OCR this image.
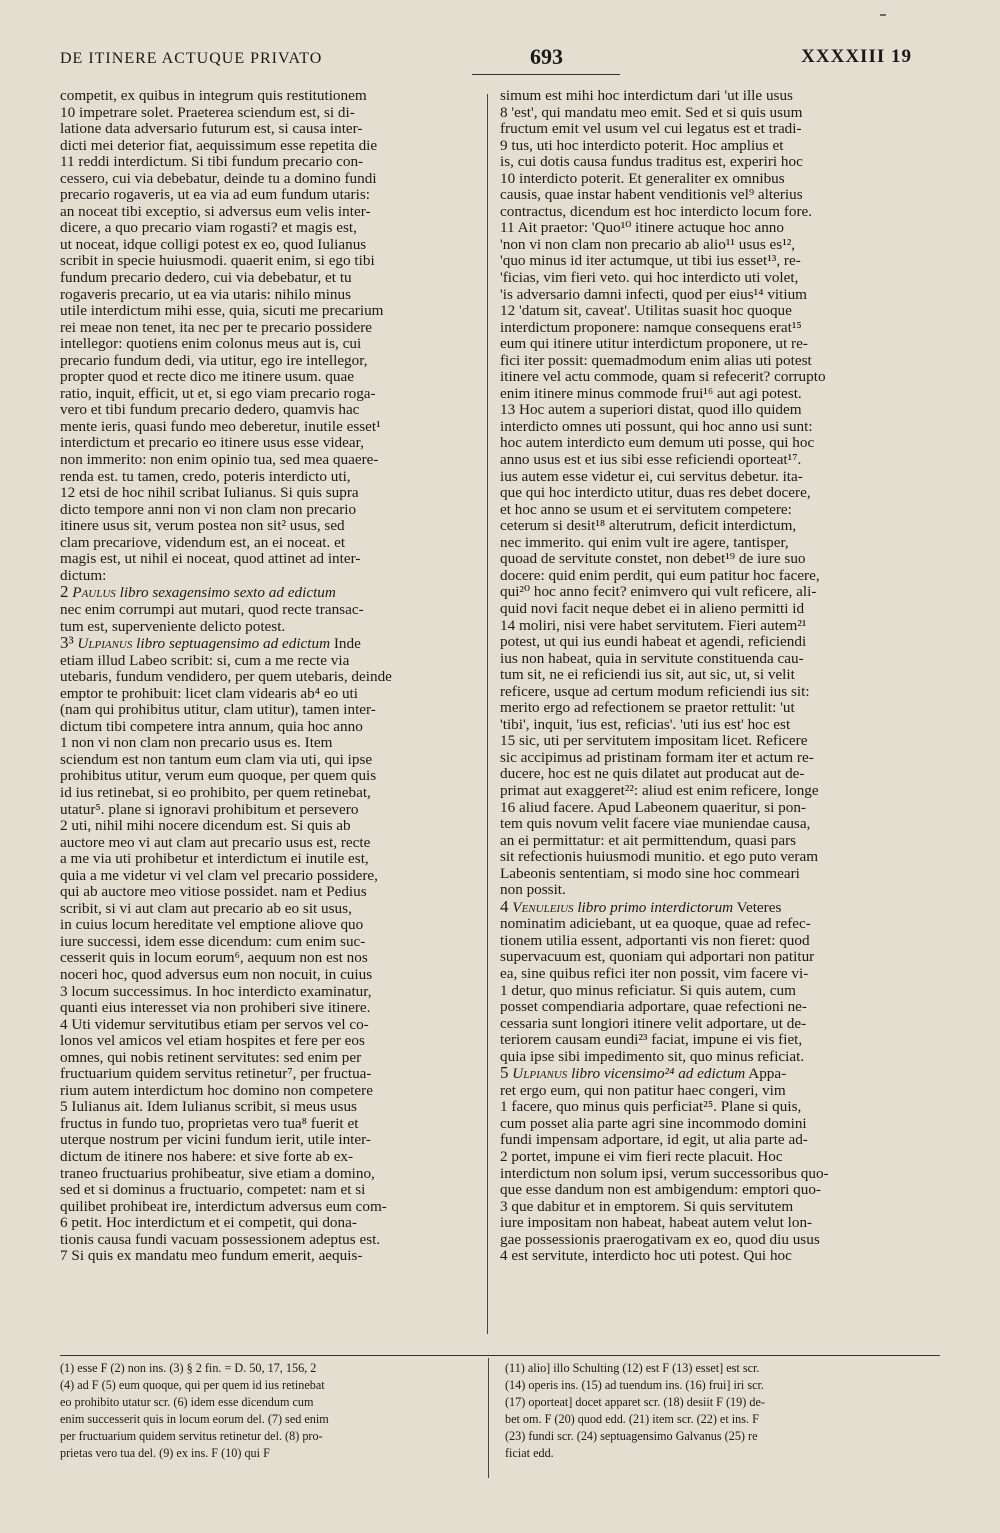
DE ITINERE ACTUQUE PRIVATO	693	XXXXIII 19
competit, ex quibus in integrum quis restitutionem
10 impetrare solet. Praeterea sciendum est, si di-
latione data adversario futurum est, si causa inter-
dicti mei deterior fiat, aequissimum esse repetita die
11 reddi interdictum. Si tibi fundum precario con-
cessero, cui via debebatur, deinde tu a domino fundi
precario rogaveris, ut ea via ad eum fundum utaris:
an noceat tibi exceptio, si adversus eum velis inter-
dicere, a quo precario viam rogasti? et magis est,
ut noceat, idque colligi potest ex eo, quod Iulianus
scribit in specie huiusmodi. quaerit enim, si ego tibi
fundum precario dedero, cui via debebatur, et tu
rogaveris precario, ut ea via utaris: nihilo minus
utile interdictum mihi esse, quia, sicuti me precarium
rei meae non tenet, ita nec per te precario possidere
intellegor: quotiens enim colonus meus aut is, cui
precario fundum dedi, via utitur, ego ire intellegor,
propter quod et recte dico me itinere usum. quae
ratio, inquit, efficit, ut et, si ego viam precario roga-
vero et tibi fundum precario dedero, quamvis hac
mente ieris, quasi fundo meo deberetur, inutile esset¹
interdictum et precario eo itinere usus esse videar,
non immerito: non enim opinio tua, sed mea quaere-
renda est. tu tamen, credo, poteris interdicto uti,
12 etsi de hoc nihil scribat Iulianus. Si quis supra
dicto tempore anni non vi non clam non precario
itinere usus sit, verum postea non sit² usus, sed
clam precariove, videndum est, an ei noceat. et
magis est, ut nihil ei noceat, quod attinet ad inter-
dictum:
2 Paulus libro sexagensimo sexto ad edictum
nec enim corrumpi aut mutari, quod recte transac-
tum est, superveniente delicto potest.
3³ Ulpianus libro septuagensimo ad edictum Inde
etiam illud Labeo scribit: si, cum a me recte via
utebaris, fundum vendidero, per quem utebaris, deinde
emptor te prohibuit: licet clam videaris ab⁴ eo uti
(nam qui prohibitus utitur, clam utitur), tamen inter-
dictum tibi competere intra annum, quia hoc anno
1 non vi non clam non precario usus es. Item
sciendum est non tantum eum clam via uti, qui ipse
prohibitus utitur, verum eum quoque, per quem quis
id ius retinebat, si eo prohibito, per quem retinebat,
utatur⁵. plane si ignoravi prohibitum et persevero
2 uti, nihil mihi nocere dicendum est. Si quis ab
auctore meo vi aut clam aut precario usus est, recte
a me via uti prohibetur et interdictum ei inutile est,
quia a me videtur vi vel clam vel precario possidere,
qui ab auctore meo vitiose possidet. nam et Pedius
scribit, si vi aut clam aut precario ab eo sit usus,
in cuius locum hereditate vel emptione aliove quo
iure successi, idem esse dicendum: cum enim suc-
cesserit quis in locum eorum⁶, aequum non est nos
noceri hoc, quod adversus eum non nocuit, in cuius
3 locum successimus. In hoc interdicto examinatur,
quanti eius interesset via non prohiberi sive itinere.
4 Uti videmur servitutibus etiam per servos vel co-
lonos vel amicos vel etiam hospites et fere per eos
omnes, qui nobis retinent servitutes: sed enim per
fructuarium quidem servitus retinetur⁷, per fructua-
rium autem interdictum hoc domino non competere
5 Iulianus ait. Idem Iulianus scribit, si meus usus
fructus in fundo tuo, proprietas vero tua⁸ fuerit et
uterque nostrum per vicini fundum ierit, utile inter-
dictum de itinere nos habere: et sive forte ab ex-
traneo fructuarius prohibeatur, sive etiam a domino,
sed et si dominus a fructuario, competet: nam et si
quilibet prohibeat ire, interdictum adversus eum com-
6 petit. Hoc interdictum et ei competit, qui dona-
tionis causa fundi vacuam possessionem adeptus est.
7 Si quis ex mandatu meo fundum emerit, aequis-
simum est mihi hoc interdictum dari 'ut ille usus
8 'est', qui mandatu meo emit. Sed et si quis usum
fructum emit vel usum vel cui legatus est et tradi-
9 tus, uti hoc interdicto poterit. Hoc amplius et
is, cui dotis causa fundus traditus est, experiri hoc
10 interdicto poterit. Et generaliter ex omnibus
causis, quae instar habent venditionis vel⁹ alterius
contractus, dicendum est hoc interdicto locum fore.
11 Ait praetor: 'Quo¹⁰ itinere actuque hoc anno
'non vi non clam non precario ab alio¹¹ usus es¹²,
'quo minus id iter actumque, ut tibi ius esset¹³, re-
'ficias, vim fieri veto. qui hoc interdicto uti volet,
'is adversario damni infecti, quod per eius¹⁴ vitium
12 'datum sit, caveat'. Utilitas suasit hoc quoque
interdictum proponere: namque consequens erat¹⁵
eum qui itinere utitur interdictum proponere, ut re-
fici iter possit: quemadmodum enim alias uti potest
itinere vel actu commode, quam si refecerit? corrupto
enim itinere minus commode frui¹⁶ aut agi potest.
13 Hoc autem a superiori distat, quod illo quidem
interdicto omnes uti possunt, qui hoc anno usi sunt:
hoc autem interdicto eum demum uti posse, qui hoc
anno usus est et ius sibi esse reficiendi oporteat¹⁷.
ius autem esse videtur ei, cui servitus debetur. ita-
que qui hoc interdicto utitur, duas res debet docere,
et hoc anno se usum et ei servitutem competere:
ceterum si desit¹⁸ alterutrum, deficit interdictum,
nec immerito. qui enim vult ire agere, tantisper,
quoad de servitute constet, non debet¹⁹ de iure suo
docere: quid enim perdit, qui eum patitur hoc facere,
qui²⁰ hoc anno fecit? enimvero qui vult reficere, ali-
quid novi facit neque debet ei in alieno permitti id
14 moliri, nisi vere habet servitutem. Fieri autem²¹
potest, ut qui ius eundi habeat et agendi, reficiendi
ius non habeat, quia in servitute constituenda cau-
tum sit, ne ei reficiendi ius sit, aut sic, ut, si velit
reficere, usque ad certum modum reficiendi ius sit:
merito ergo ad refectionem se praetor rettulit: 'ut
'tibi', inquit, 'ius est, reficias'. 'uti ius est' hoc est
15 sic, uti per servitutem impositam licet. Reficere
sic accipimus ad pristinam formam iter et actum re-
ducere, hoc est ne quis dilatet aut producat aut de-
primat aut exaggeret²²: aliud est enim reficere, longe
16 aliud facere. Apud Labeonem quaeritur, si pon-
tem quis novum velit facere viae muniendae causa,
an ei permittatur: et ait permittendum, quasi pars
sit refectionis huiusmodi munitio. et ego puto veram
Labeonis sententiam, si modo sine hoc commeari
non possit.
4 Venuleius libro primo interdictorum Veteres
nominatim adiciebant, ut ea quoque, quae ad refec-
tionem utilia essent, adportanti vis non fieret: quod
supervacuum est, quoniam qui adportari non patitur
ea, sine quibus refici iter non possit, vim facere vi-
1 detur, quo minus reficiatur. Si quis autem, cum
posset compendiaria adportare, quae refectioni ne-
cessaria sunt longiori itinere velit adportare, ut de-
teriorem causam eundi²³ faciat, impune ei vis fiet,
quia ipse sibi impedimento sit, quo minus reficiat.
5 Ulpianus libro vicensimo²⁴ ad edictum Appa-
ret ergo eum, qui non patitur haec congeri, vim
1 facere, quo minus quis perficiat²⁵. Plane si quis,
cum posset alia parte agri sine incommodo domini
fundi impensam adportare, id egit, ut alia parte ad-
2 portet, impune ei vim fieri recte placuit. Hoc
interdictum non solum ipsi, verum successoribus quo-
que esse dandum non est ambigendum: emptori quo-
3 que dabitur et in emptorem. Si quis servitutem
iure impositam non habeat, habeat autem velut lon-
gae possessionis praerogativam ex eo, quod diu usus
4 est servitute, interdicto hoc uti potest. Qui hoc
(1) esse F (2) non ins. (3) § 2 fin. = D. 50, 17, 156, 2
(4) ad F (5) eum quoque, qui per quem id ius retinebat
eo prohibito utatur scr. (6) idem esse dicendum cum
enim successerit quis in locum eorum del. (7) sed enim
per fructuarium quidem servitus retinetur del. (8) pro-
prietas vero tua del. (9) ex ins. F (10) qui F
(11) alio] illo Schulting (12) est F (13) esset] est scr.
(14) operis ins. (15) ad tuendum ins. (16) frui] iri scr.
(17) oporteat] docet apparet scr. (18) desiit F (19) de-
bet om. F (20) quod edd. (21) item scr. (22) et ins. F
(23) fundi scr. (24) septuagensimo Galvanus (25) re
ficiat edd.
